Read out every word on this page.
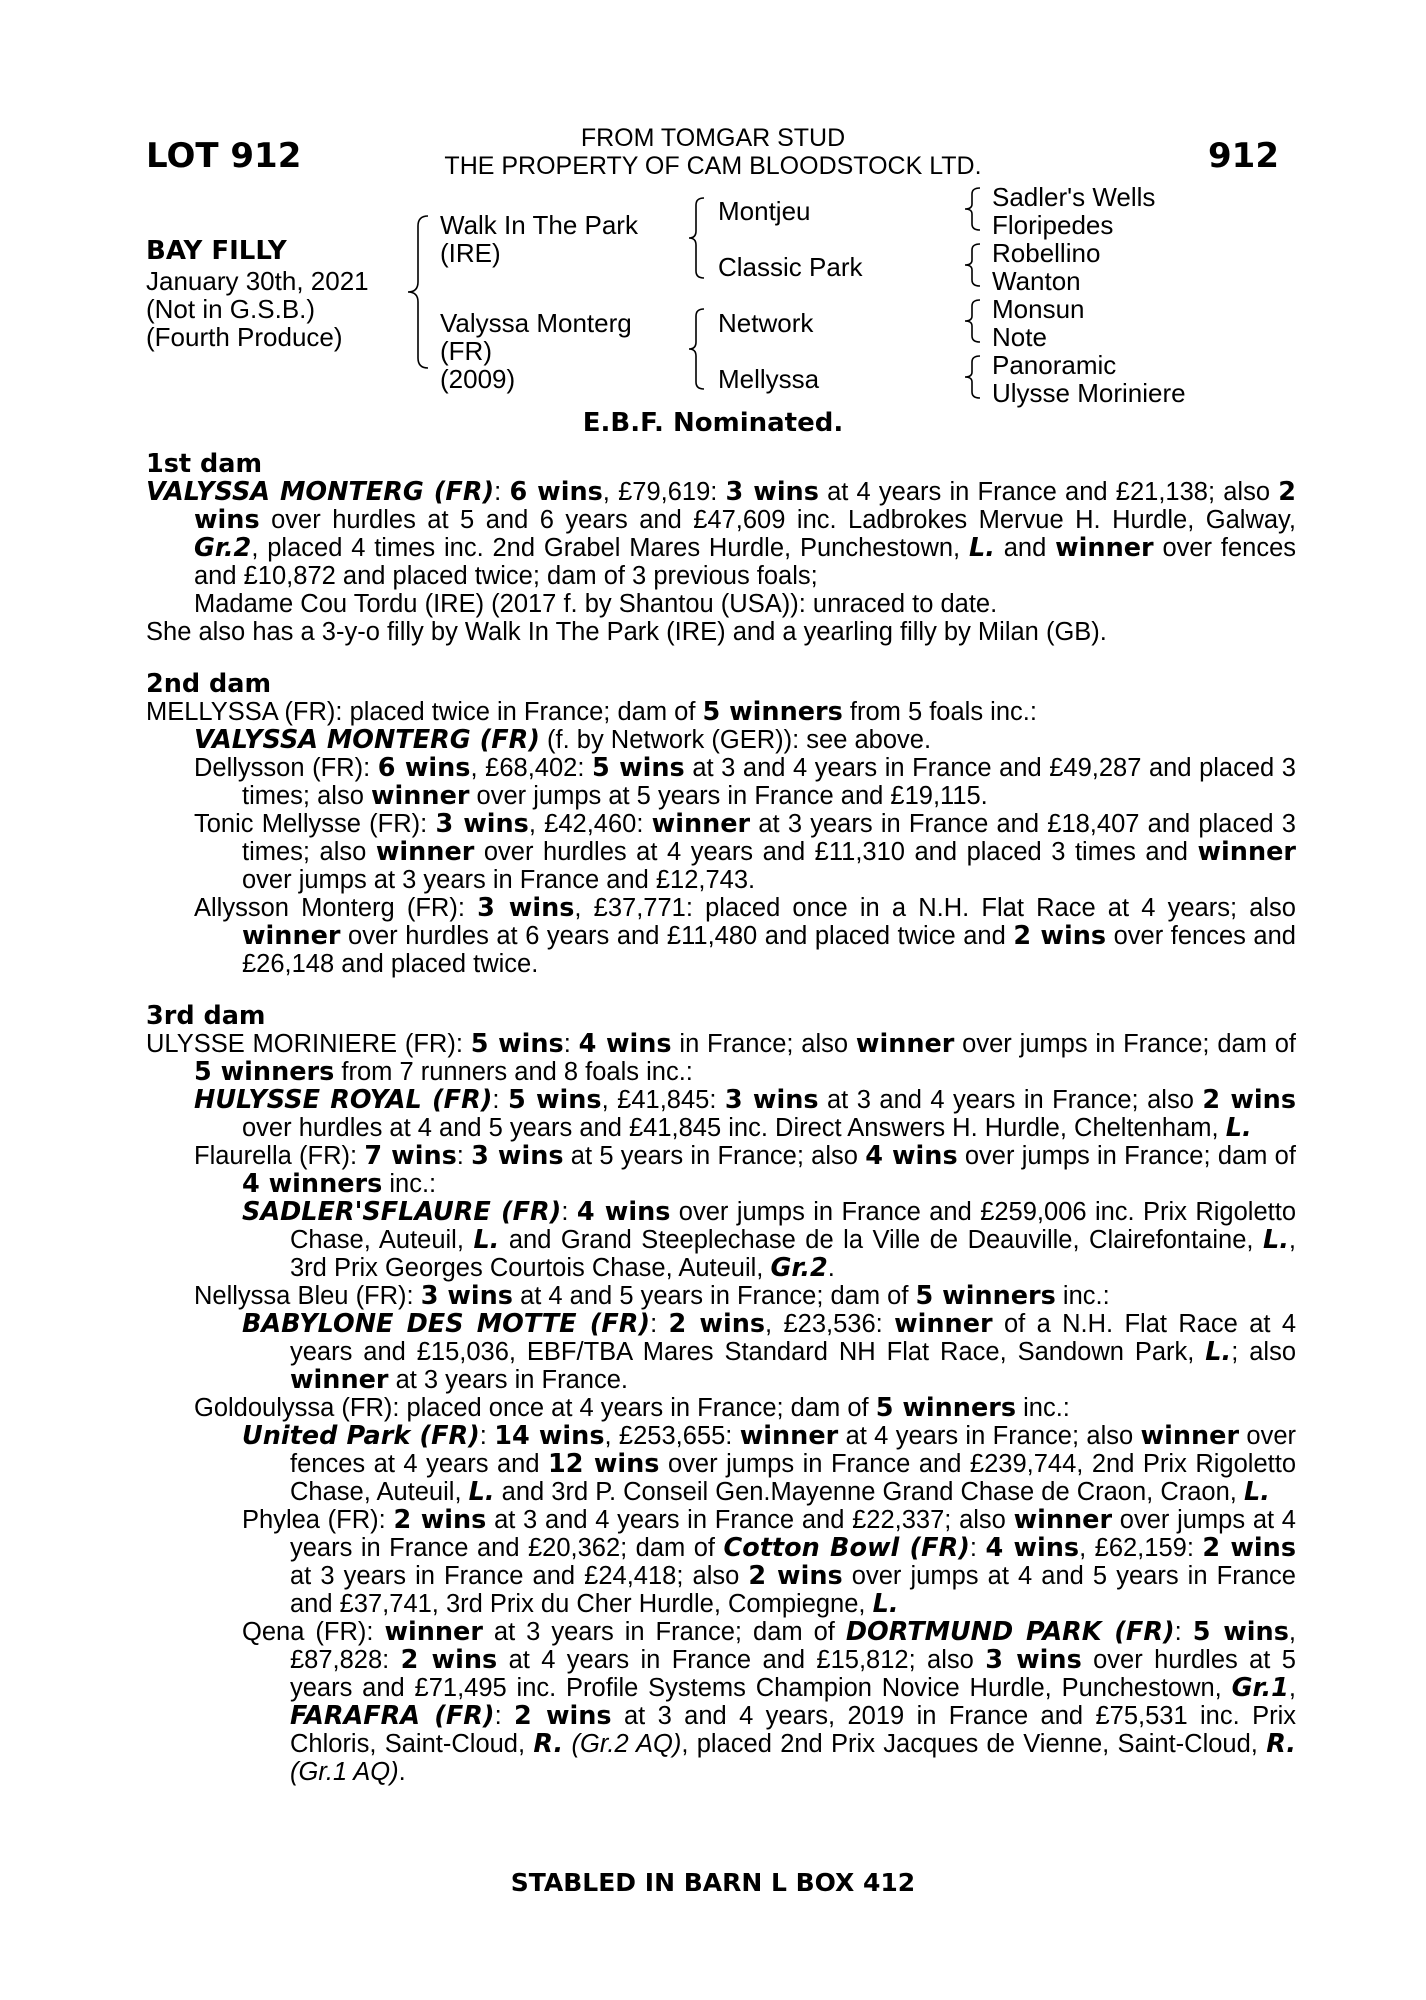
LOT 912	912
FROM TOMGAR STUD
THE PROPERTY OF CAM BLOODSTOCK LTD.
BAY FILLY
January 30th, 2021
(Not in G.S.B.)
(Fourth Produce)
Walk In The Park
(IRE)
Valyssa Monterg
(FR)
(2009)
Montjeu
Classic Park
Network
Mellyssa
Sadler's Wells
Floripedes
Robellino
Wanton
Monsun
Note
Panoramic
Ulysse Moriniere
E.B.F. Nominated.
1st dam
VALYSSA MONTERG (FR): 6 wins, £79,619: 3 wins at 4 years in France and £21,138; also 2 wins over hurdles at 5 and 6 years and £47,609 inc. Ladbrokes Mervue H. Hurdle, Galway, Gr.2, placed 4 times inc. 2nd Grabel Mares Hurdle, Punchestown, L. and winner over fences and £10,872 and placed twice; dam of 3 previous foals;
Madame Cou Tordu (IRE) (2017 f. by Shantou (USA)): unraced to date.
She also has a 3-y-o filly by Walk In The Park (IRE) and a yearling filly by Milan (GB).
2nd dam
MELLYSSA (FR): placed twice in France; dam of 5 winners from 5 foals inc.:
VALYSSA MONTERG (FR) (f. by Network (GER)): see above.
Dellysson (FR): 6 wins, £68,402: 5 wins at 3 and 4 years in France and £49,287 and placed 3 times; also winner over jumps at 5 years in France and £19,115.
Tonic Mellysse (FR): 3 wins, £42,460: winner at 3 years in France and £18,407 and placed 3 times; also winner over hurdles at 4 years and £11,310 and placed 3 times and winner over jumps at 3 years in France and £12,743.
Allysson Monterg (FR): 3 wins, £37,771: placed once in a N.H. Flat Race at 4 years; also winner over hurdles at 6 years and £11,480 and placed twice and 2 wins over fences and £26,148 and placed twice.
3rd dam
ULYSSE MORINIERE (FR): 5 wins: 4 wins in France; also winner over jumps in France; dam of 5 winners from 7 runners and 8 foals inc.:
HULYSSE ROYAL (FR): 5 wins, £41,845: 3 wins at 3 and 4 years in France; also 2 wins over hurdles at 4 and 5 years and £41,845 inc. Direct Answers H. Hurdle, Cheltenham, L.
Flaurella (FR): 7 wins: 3 wins at 5 years in France; also 4 wins over jumps in France; dam of 4 winners inc.:
SADLER'SFLAURE (FR): 4 wins over jumps in France and £259,006 inc. Prix Rigoletto Chase, Auteuil, L. and Grand Steeplechase de la Ville de Deauville, Clairefontaine, L., 3rd Prix Georges Courtois Chase, Auteuil, Gr.2.
Nellyssa Bleu (FR): 3 wins at 4 and 5 years in France; dam of 5 winners inc.:
BABYLONE DES MOTTE (FR): 2 wins, £23,536: winner of a N.H. Flat Race at 4 years and £15,036, EBF/TBA Mares Standard NH Flat Race, Sandown Park, L.; also winner at 3 years in France.
Goldoulyssa (FR): placed once at 4 years in France; dam of 5 winners inc.:
United Park (FR): 14 wins, £253,655: winner at 4 years in France; also winner over fences at 4 years and 12 wins over jumps in France and £239,744, 2nd Prix Rigoletto Chase, Auteuil, L. and 3rd P. Conseil Gen.Mayenne Grand Chase de Craon, Craon, L.
Phylea (FR): 2 wins at 3 and 4 years in France and £22,337; also winner over jumps at 4 years in France and £20,362; dam of Cotton Bowl (FR): 4 wins, £62,159: 2 wins at 3 years in France and £24,418; also 2 wins over jumps at 4 and 5 years in France and £37,741, 3rd Prix du Cher Hurdle, Compiegne, L.
Qena (FR): winner at 3 years in France; dam of DORTMUND PARK (FR): 5 wins, £87,828: 2 wins at 4 years in France and £15,812; also 3 wins over hurdles at 5 years and £71,495 inc. Profile Systems Champion Novice Hurdle, Punchestown, Gr.1, FARAFRA (FR): 2 wins at 3 and 4 years, 2019 in France and £75,531 inc. Prix Chloris, Saint-Cloud, R. (Gr.2 AQ), placed 2nd Prix Jacques de Vienne, Saint-Cloud, R. (Gr.1 AQ).
STABLED IN BARN L BOX 412
